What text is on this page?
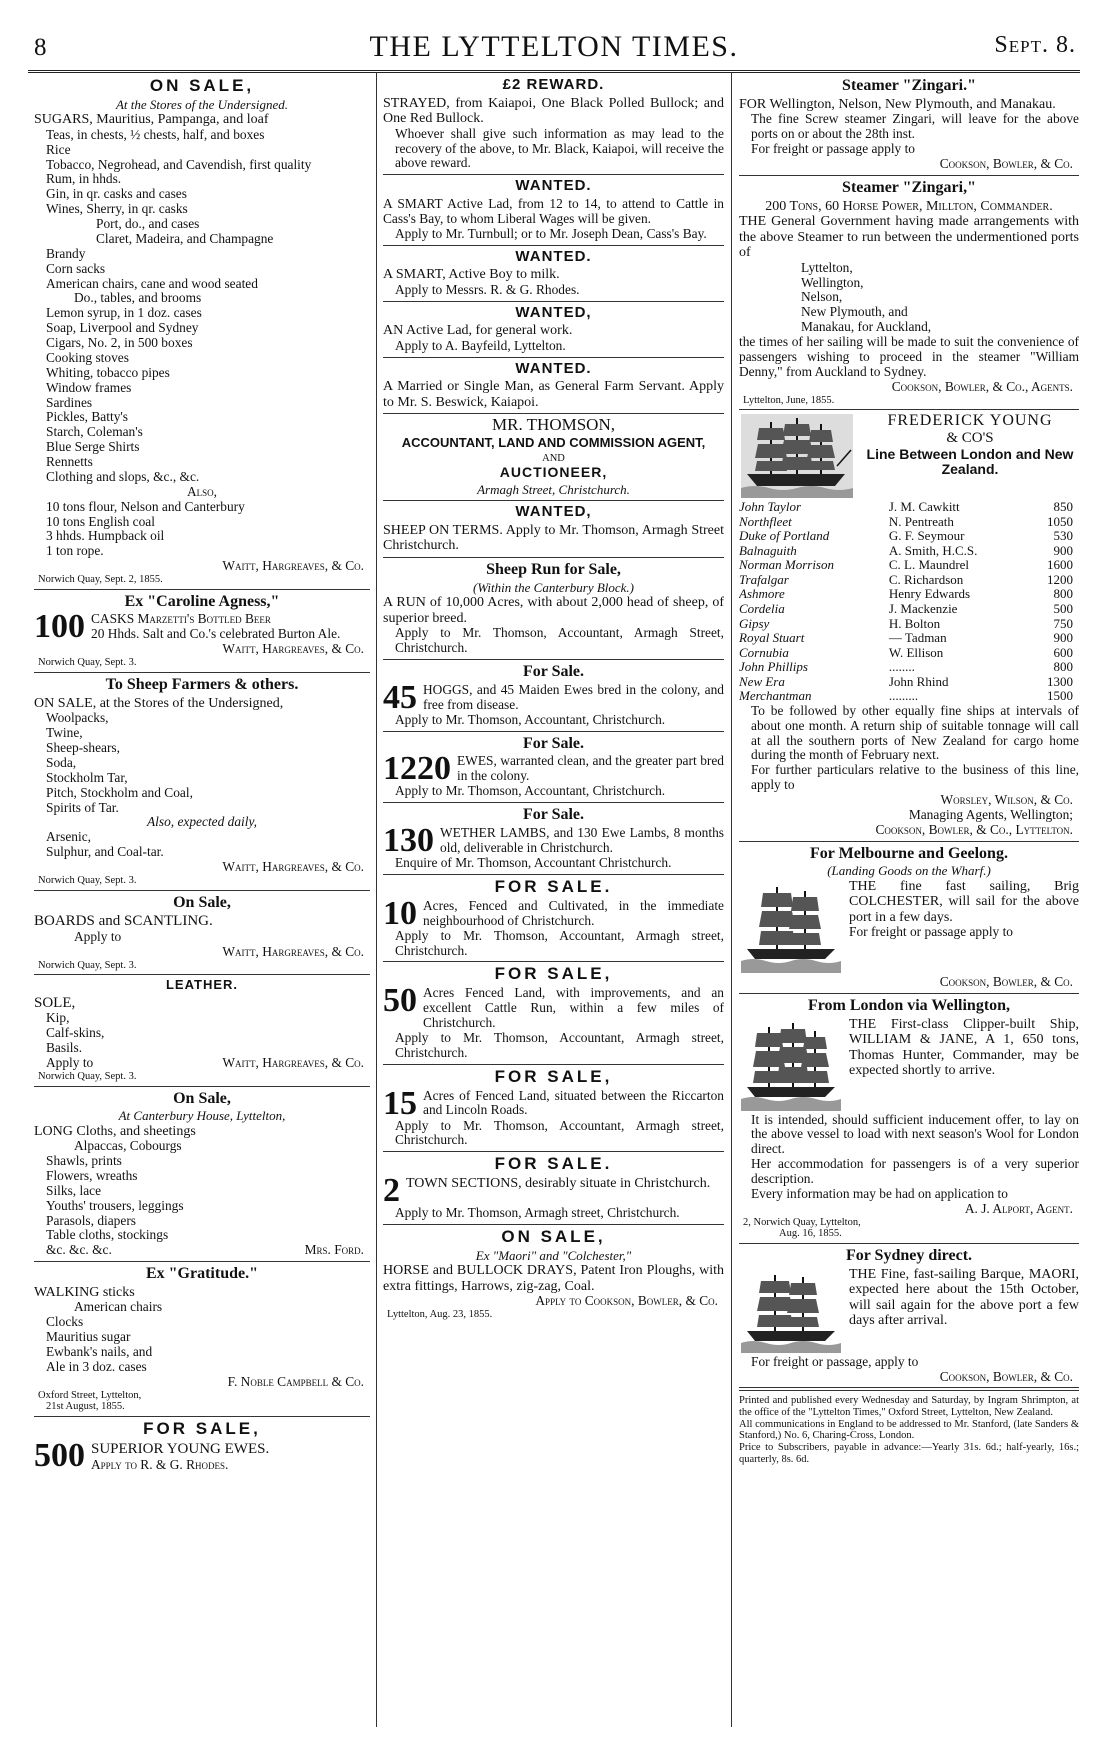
8	THE LYTTELTON TIMES.	Sept. 8.
ON SALE,
At the Stores of the Undersigned.
SUGARS, Mauritius, Pampanga, and loaf
Teas, in chests, ½ chests, half, and boxes
Rice
Tobacco, Negrohead, and Cavendish, first quality
Rum, in hhds.
Gin, in qr. casks and cases
Wines, Sherry, in qr. casks
Port, do., and cases
Claret, Madeira, and Champagne
Brandy
Corn sacks
American chairs, cane and wood seated
Do., tables, and brooms
Lemon syrup, in 1 doz. cases
Soap, Liverpool and Sydney
Cigars, No. 2, in 500 boxes
Cooking stoves
Whiting, tobacco pipes
Window frames
Sardines
Pickles, Batty's
Starch, Coleman's
Blue Serge Shirts
Rennetts
Clothing and slops, &c., &c.
Also,
10 tons flour, Nelson and Canterbury
10 tons English coal
3 hhds. Humpback oil
1 ton rope.
Waitt, Hargreaves, & Co.
Norwich Quay, Sept. 2, 1855.
Ex "Caroline Agness,"
100 CASKS Marzetti's Bottled Beer

20 Hhds. Salt and Co.'s celebrated Burton Ale.

Waitt, Hargreaves, & Co.
Norwich Quay, Sept. 3.
To Sheep Farmers & others.

ON SALE, at the Stores of the Undersigned,

Woolpacks,
Twine,
Sheep-shears,
Soda,
Stockholm Tar,
Pitch, Stockholm and Coal,
Spirits of Tar.
Also, expected daily,
Arsenic,
Sulphur, and Coal-tar.
Waitt, Hargreaves, & Co.
Norwich Quay, Sept. 3.
On Sale,
BOARDS and SCANTLING.
Apply to
Waitt, Hargreaves, & Co.
Norwich Quay, Sept. 3.
LEATHER.
SOLE,
Kip,
Calf-skins,
Basils.
Apply to	Waitt, Hargreaves, & Co.
Norwich Quay, Sept. 3.
On Sale,
At Canterbury House, Lyttelton,
LONG Cloths, and sheetings
Alpaccas, Cobourgs
Shawls, prints
Flowers, wreaths
Silks, lace
Youths' trousers, leggings
Parasols, diapers
Table cloths, stockings
&c. &c. &c.	Mrs. Ford.
Ex "Gratitude."
WALKING sticks
American chairs
Clocks
Mauritius sugar
Ewbank's nails, and
Ale in 3 doz. cases
F. Noble Campbell & Co.
Oxford Street, Lyttelton,
21st August, 1855.
FOR SALE,
500 SUPERIOR YOUNG EWES.
Apply to R. & G. Rhodes.
£2 REWARD.

STRAYED, from Kaiapoi, One Black Polled Bullock; and One Red Bullock.

Whoever shall give such information as may lead to the recovery of the above, to Mr. Black, Kaiapoi, will receive the above reward.

WANTED.

A SMART Active Lad, from 12 to 14, to attend to Cattle in Cass's Bay, to whom Liberal Wages will be given.

Apply to Mr. Turnbull; or to Mr. Joseph Dean, Cass's Bay.

WANTED.

A SMART, Active Boy to milk.

Apply to Messrs. R. & G. Rhodes.

WANTED,

AN Active Lad, for general work.

Apply to A. Bayfeild, Lyttelton.

WANTED.

A Married or Single Man, as General Farm Servant. Apply to Mr. S. Beswick, Kaiapoi.

MR. THOMSON,
ACCOUNTANT, LAND AND COMMISSION AGENT,
AND
AUCTIONEER,
Armagh Street, Christchurch.
WANTED,

SHEEP ON TERMS. Apply to Mr. Thomson, Armagh Street Christchurch.

Sheep Run for Sale,
(Within the Canterbury Block.)

A RUN of 10,000 Acres, with about 2,000 head of sheep, of superior breed.

Apply to Mr. Thomson, Accountant, Armagh Street, Christchurch.

For Sale.
45 HOGGS, and 45 Maiden Ewes bred in the colony, and free from disease.

Apply to Mr. Thomson, Accountant, Christchurch.

For Sale.
1220 EWES, warranted clean, and the greater part bred in the colony.

Apply to Mr. Thomson, Accountant, Christchurch.

For Sale.
130 WETHER LAMBS, and 130 Ewe Lambs, 8 months old, deliverable in Christchurch.

Enquire of Mr. Thomson, Accountant Christchurch.

FOR SALE.
10 Acres, Fenced and Cultivated, in the immediate neighbourhood of Christchurch.

Apply to Mr. Thomson, Accountant, Armagh street, Christchurch.

FOR SALE,
50 Acres Fenced Land, with improvements, and an excellent Cattle Run, within a few miles of Christchurch.

Apply to Mr. Thomson, Accountant, Armagh street, Christchurch.

FOR SALE,
15 Acres of Fenced Land, situated between the Riccarton and Lincoln Roads.

Apply to Mr. Thomson, Accountant, Armagh street, Christchurch.

FOR SALE.
2 TOWN SECTIONS, desirably situate in Christchurch.

Apply to Mr. Thomson, Armagh street, Christchurch.

ON SALE,
Ex "Maori" and "Colchester,"

HORSE and BULLOCK DRAYS, Patent Iron Ploughs, with extra fittings, Harrows, zig-zag, Coal.

Apply to Cookson, Bowler, & Co.
Lyttelton, Aug. 23, 1855.
Steamer "Zingari."

FOR Wellington, Nelson, New Plymouth, and Manakau.

The fine Screw steamer Zingari, will leave for the above ports on or about the 28th inst.

For freight or passage apply to

Cookson, Bowler, & Co.
Steamer "Zingari,"
200 Tons, 60 Horse Power, Millton, Commander.

THE General Government having made arrangements with the above Steamer to run between the undermentioned ports of

Lyttelton,
Wellington,
Nelson,
New Plymouth, and
Manakau, for Auckland,

the times of her sailing will be made to suit the convenience of passengers wishing to proceed in the steamer "William Denny," from Auckland to Sydney.

Cookson, Bowler, & Co., Agents.
Lyttelton, June, 1855.
FREDERICK YOUNG
& CO'S
Line Between London and New Zealand.
John Taylor	J. M. Cawkitt	850
Northfleet	N. Pentreath	1050
Duke of Portland	G. F. Seymour	530
Balnaguith	A. Smith, H.C.S.	900
Norman Morrison	C. L. Maundrel	1600
Trafalgar	C. Richardson	1200
Ashmore	Henry Edwards	800
Cordelia	J. Mackenzie	500
Gipsy	H. Bolton	750
Royal Stuart	— Tadman	900
Cornubia	W. Ellison	600
John Phillips	........	800
New Era	John Rhind	1300
Merchantman	.........	1500

To be followed by other equally fine ships at intervals of about one month. A return ship of suitable tonnage will call at all the southern ports of New Zealand for cargo home during the month of February next.

For further particulars relative to the business of this line, apply to

Worsley, Wilson, & Co.
Managing Agents, Wellington;
Cookson, Bowler, & Co., Lyttelton.
For Melbourne and Geelong.
(Landing Goods on the Wharf.)

THE fine fast sailing, Brig COLCHESTER, will sail for the above port in a few days.

For freight or passage apply to

Cookson, Bowler, & Co.
From London via Wellington,

THE First-class Clipper-built Ship, WILLIAM & JANE, A 1, 650 tons, Thomas Hunter, Commander, may be expected shortly to arrive.

It is intended, should sufficient inducement offer, to lay on the above vessel to load with next season's Wool for London direct.

Her accommodation for passengers is of a very superior description.

Every information may be had on application to

A. J. Alport, Agent.
2, Norwich Quay, Lyttelton,
Aug. 16, 1855.
For Sydney direct.

THE Fine, fast-sailing Barque, MAORI, expected here about the 15th October, will sail again for the above port a few days after arrival.

For freight or passage, apply to

Cookson, Bowler, & Co.

Printed and published every Wednesday and Saturday, by Ingram Shrimpton, at the office of the "Lyttelton Times," Oxford Street, Lyttelton, New Zealand.

All communications in England to be addressed to Mr. Stanford, (late Sanders & Stanford,) No. 6, Charing-Cross, London.

Price to Subscribers, payable in advance:—Yearly 31s. 6d.; half-yearly, 16s.; quarterly, 8s. 6d.
